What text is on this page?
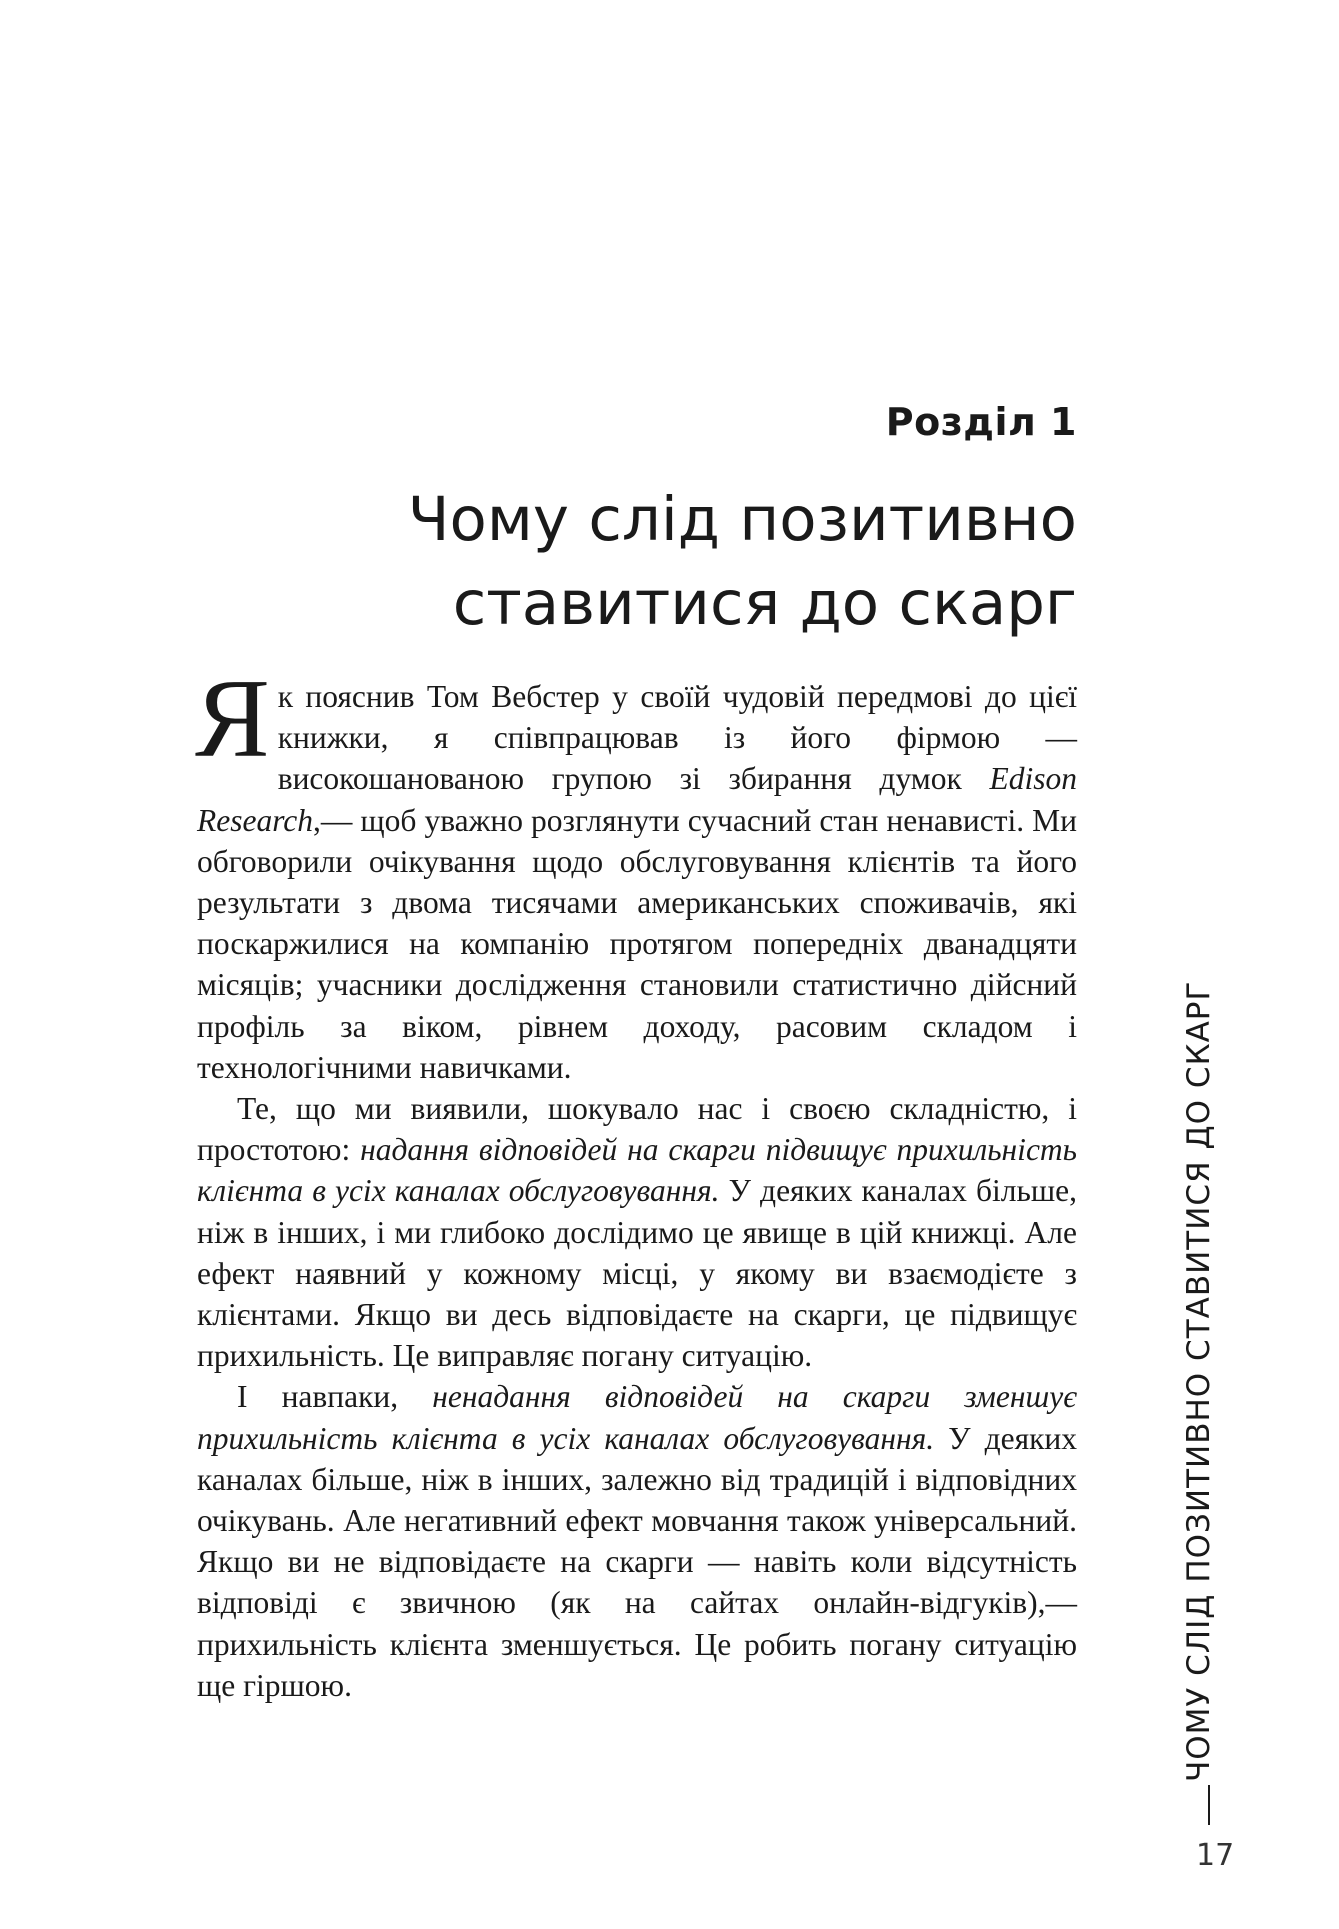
Розділ 1
Чому слід позитивно
ставитися до скарг

Як пояснив Том Вебстер у своїй чудовій передмові до цієї книжки, я співпрацював із його фірмою — високошанованою групою зі збирання думок Edison Research,— щоб уважно розглянути сучасний стан ненависті. Ми обговорили очікування щодо обслуговування клієнтів та його результати з двома тисячами американських споживачів, які поскаржилися на компанію протягом попередніх дванадцяти місяців; учасники дослідження становили статистично дійсний профіль за віком, рівнем доходу, расовим складом і технологічними навичками.

Те, що ми виявили, шокувало нас і своєю складністю, і простотою: надання відповідей на скарги підвищує прихильність клієнта в усіх каналах обслуговування. У деяких каналах більше, ніж в інших, і ми глибоко дослідимо це явище в цій книжці. Але ефект наявний у кожному місці, у якому ви взаємодієте з клієнтами. Якщо ви десь відповідаєте на скарги, це підвищує прихильність. Це виправляє погану ситуацію.

І навпаки, ненадання відповідей на скарги зменшує прихильність клієнта в усіх каналах обслуговування. У деяких каналах більше, ніж в інших, залежно від традицій і відповідних очікувань. Але негативний ефект мовчання також універсальний. Якщо ви не відповідаєте на скарги — навіть коли відсутність відповіді є звичною (як на сайтах онлайн-відгуків),— прихильність клієнта зменшується. Це робить погану ситуацію ще гіршою.	ЧОМУ СЛІД ПОЗИТИВНО СТАВИТИСЯ ДО СКАРГ
17
